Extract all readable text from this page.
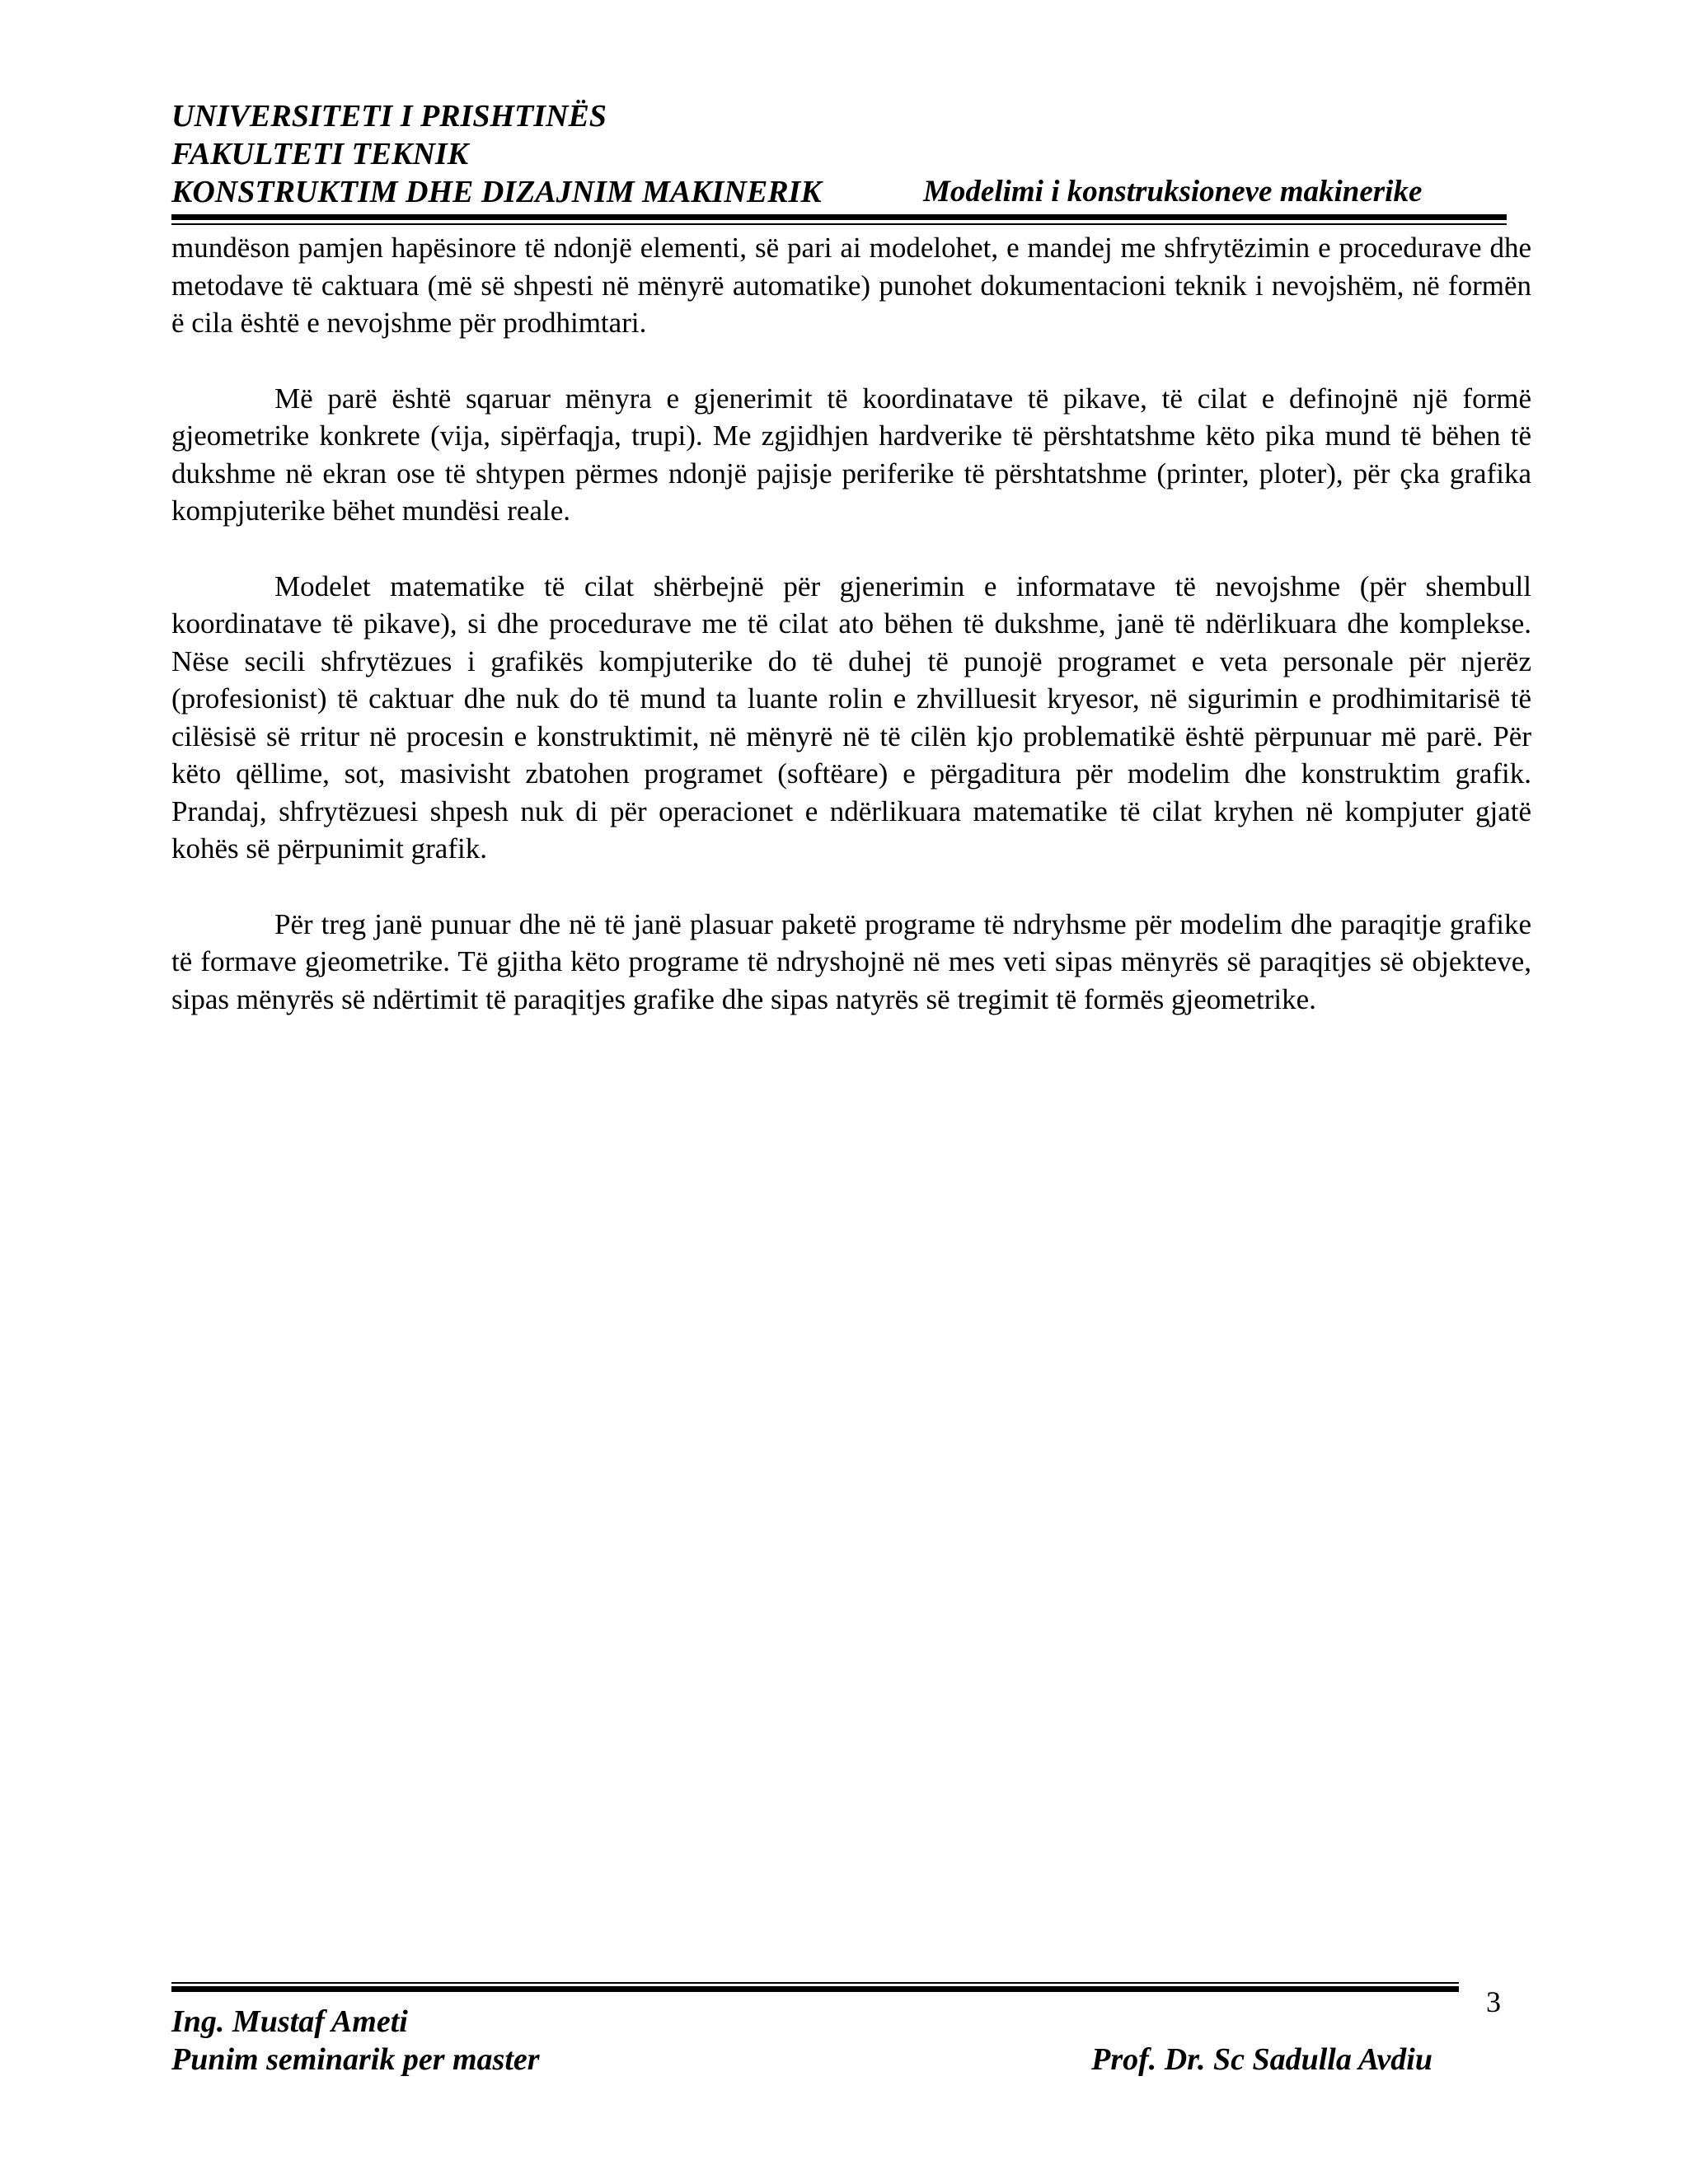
UNIVERSITETI I PRISHTINËS
FAKULTETI TEKNIK
KONSTRUKTIM DHE DIZAJNIM MAKINERIK	Modelimi i konstruksioneve makinerike

mundëson pamjen hapësinore të ndonjë elementi, së pari ai modelohet, e mandej me shfrytëzimin e procedurave dhe metodave të caktuara (më së shpesti në mënyrë automatike) punohet dokumentacioni teknik i nevojshëm, në formën ë cila është e nevojshme për prodhimtari.

Më parë është sqaruar mënyra e gjenerimit të koordinatave të pikave, të cilat e definojnë një formë gjeometrike konkrete (vija, sipërfaqja, trupi). Me zgjidhjen hardverike të përshtatshme këto pika mund të bëhen të dukshme në ekran ose të shtypen përmes ndonjë pajisje periferike të përshtatshme (printer, ploter), për çka grafika kompjuterike bëhet mundësi reale.

Modelet matematike të cilat shërbejnë për gjenerimin e informatave të nevojshme (për shembull koordinatave të pikave), si dhe procedurave me të cilat ato bëhen të dukshme, janë të ndërlikuara dhe komplekse. Nëse secili shfrytëzues i grafikës kompjuterike do të duhej të punojë programet e veta personale për njerëz (profesionist) të caktuar dhe nuk do të mund ta luante rolin e zhvilluesit kryesor, në sigurimin e prodhimitarisë të cilësisë së rritur në procesin e konstruktimit, në mënyrë në të cilën kjo problematikë është përpunuar më parë. Për këto qëllime, sot, masivisht zbatohen programet (softëare) e përgaditura për modelim dhe konstruktim grafik. Prandaj, shfrytëzuesi shpesh nuk di për operacionet e ndërlikuara matematike të cilat kryhen në kompjuter gjatë kohës së përpunimit grafik.

Për treg janë punuar dhe në të janë plasuar paketë programe të ndryhsme për modelim dhe paraqitje grafike të formave gjeometrike. Të gjitha këto programe të ndryshojnë në mes veti sipas mënyrës së paraqitjes së objekteve, sipas mënyrës së ndërtimit të paraqitjes grafike dhe sipas natyrës së tregimit të formës gjeometrike.

3
Ing. Mustaf Ameti
Punim seminarik per master	Prof. Dr. Sc Sadulla Avdiu
